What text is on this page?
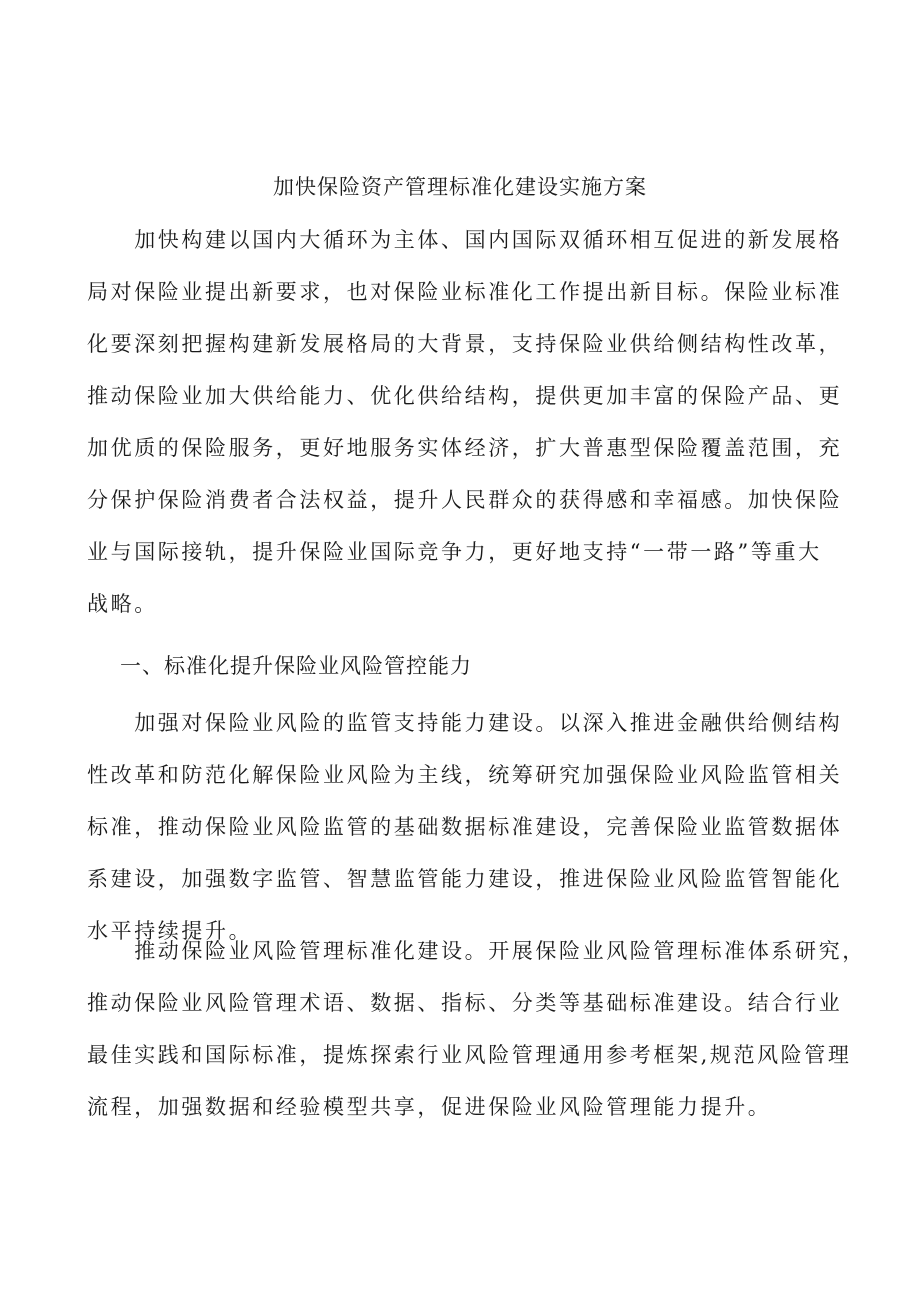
加快保险资产管理标准化建设实施方案
　　加快构建以国内大循环为主体、国内国际双循环相互促进的新发展格
局对保险业提出新要求，也对保险业标准化工作提出新目标。保险业标准
化要深刻把握构建新发展格局的大背景，支持保险业供给侧结构性改革，
推动保险业加大供给能力、优化供给结构，提供更加丰富的保险产品、更
加优质的保险服务，更好地服务实体经济，扩大普惠型保险覆盖范围，充
分保护保险消费者合法权益，提升人民群众的获得感和幸福感。加快保险
业与国际接轨，提升保险业国际竞争力，更好地支持“一带一路”等重大
战略。
一、标准化提升保险业风险管控能力
　　加强对保险业风险的监管支持能力建设。以深入推进金融供给侧结构
性改革和防范化解保险业风险为主线，统筹研究加强保险业风险监管相关
标准，推动保险业风险监管的基础数据标准建设，完善保险业监管数据体
系建设，加强数字监管、智慧监管能力建设，推进保险业风险监管智能化
水平持续提升。
　　推动保险业风险管理标准化建设。开展保险业风险管理标准体系研究，
推动保险业风险管理术语、数据、指标、分类等基础标准建设。结合行业
最佳实践和国际标准，提炼探索行业风险管理通用参考框架,规范风险管理
流程，加强数据和经验模型共享，促进保险业风险管理能力提升。
